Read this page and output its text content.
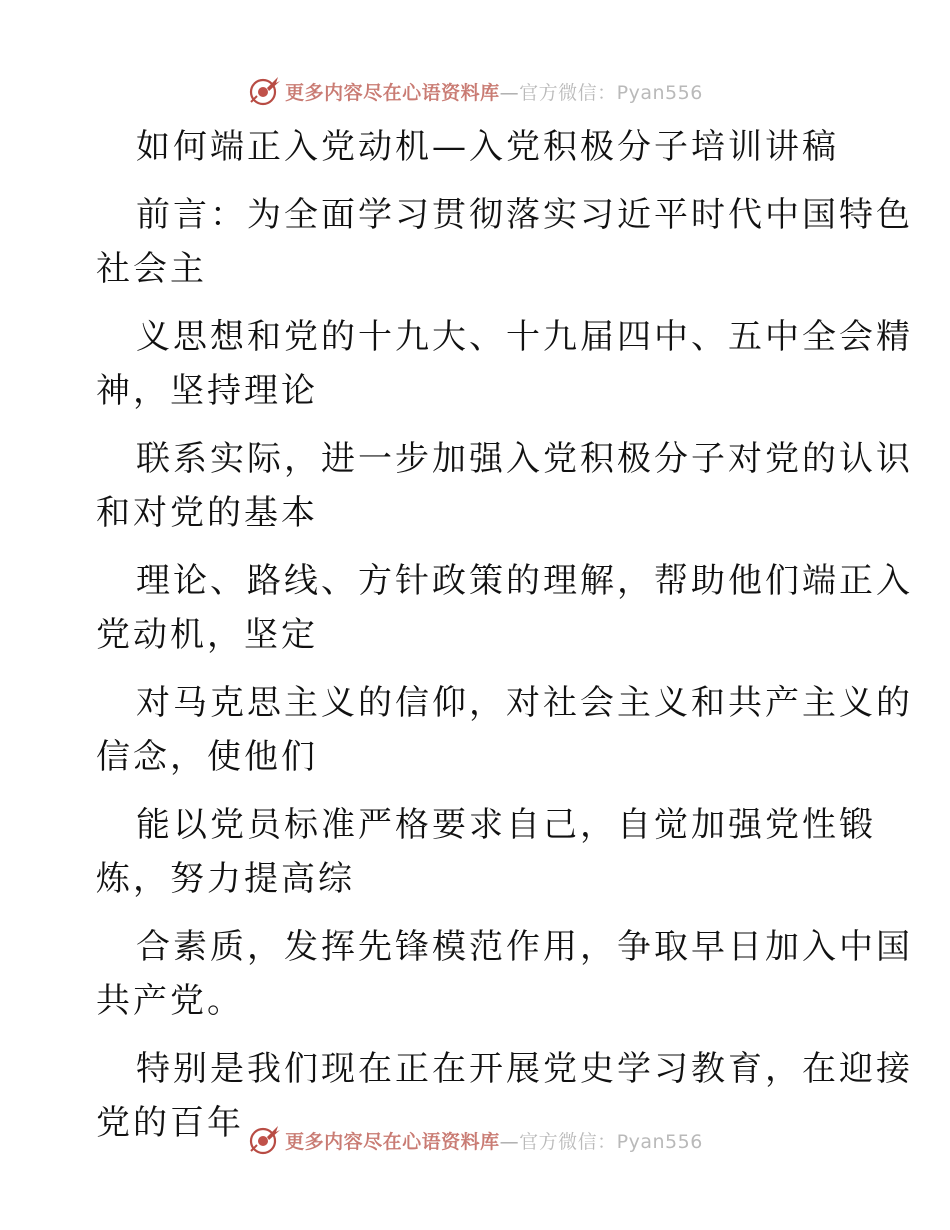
更多内容尽在心语资料库—官方微信：Pyan556
如何端正入党动机—入党积极分子培训讲稿
前言：为全面学习贯彻落实习近平时代中国特色
社会主
义思想和党的十九大、十九届四中、五中全会精
神，坚持理论
联系实际，进一步加强入党积极分子对党的认识
和对党的基本
理论、路线、方针政策的理解，帮助他们端正入
党动机，坚定
对马克思主义的信仰，对社会主义和共产主义的
信念，使他们
能以党员标准严格要求自己，自觉加强党性锻
炼，努力提高综
合素质，发挥先锋模范作用，争取早日加入中国
共产党。
特别是我们现在正在开展党史学习教育，在迎接
党的百年	更多内容尽在心语资料库—官方微信：Pyan556
